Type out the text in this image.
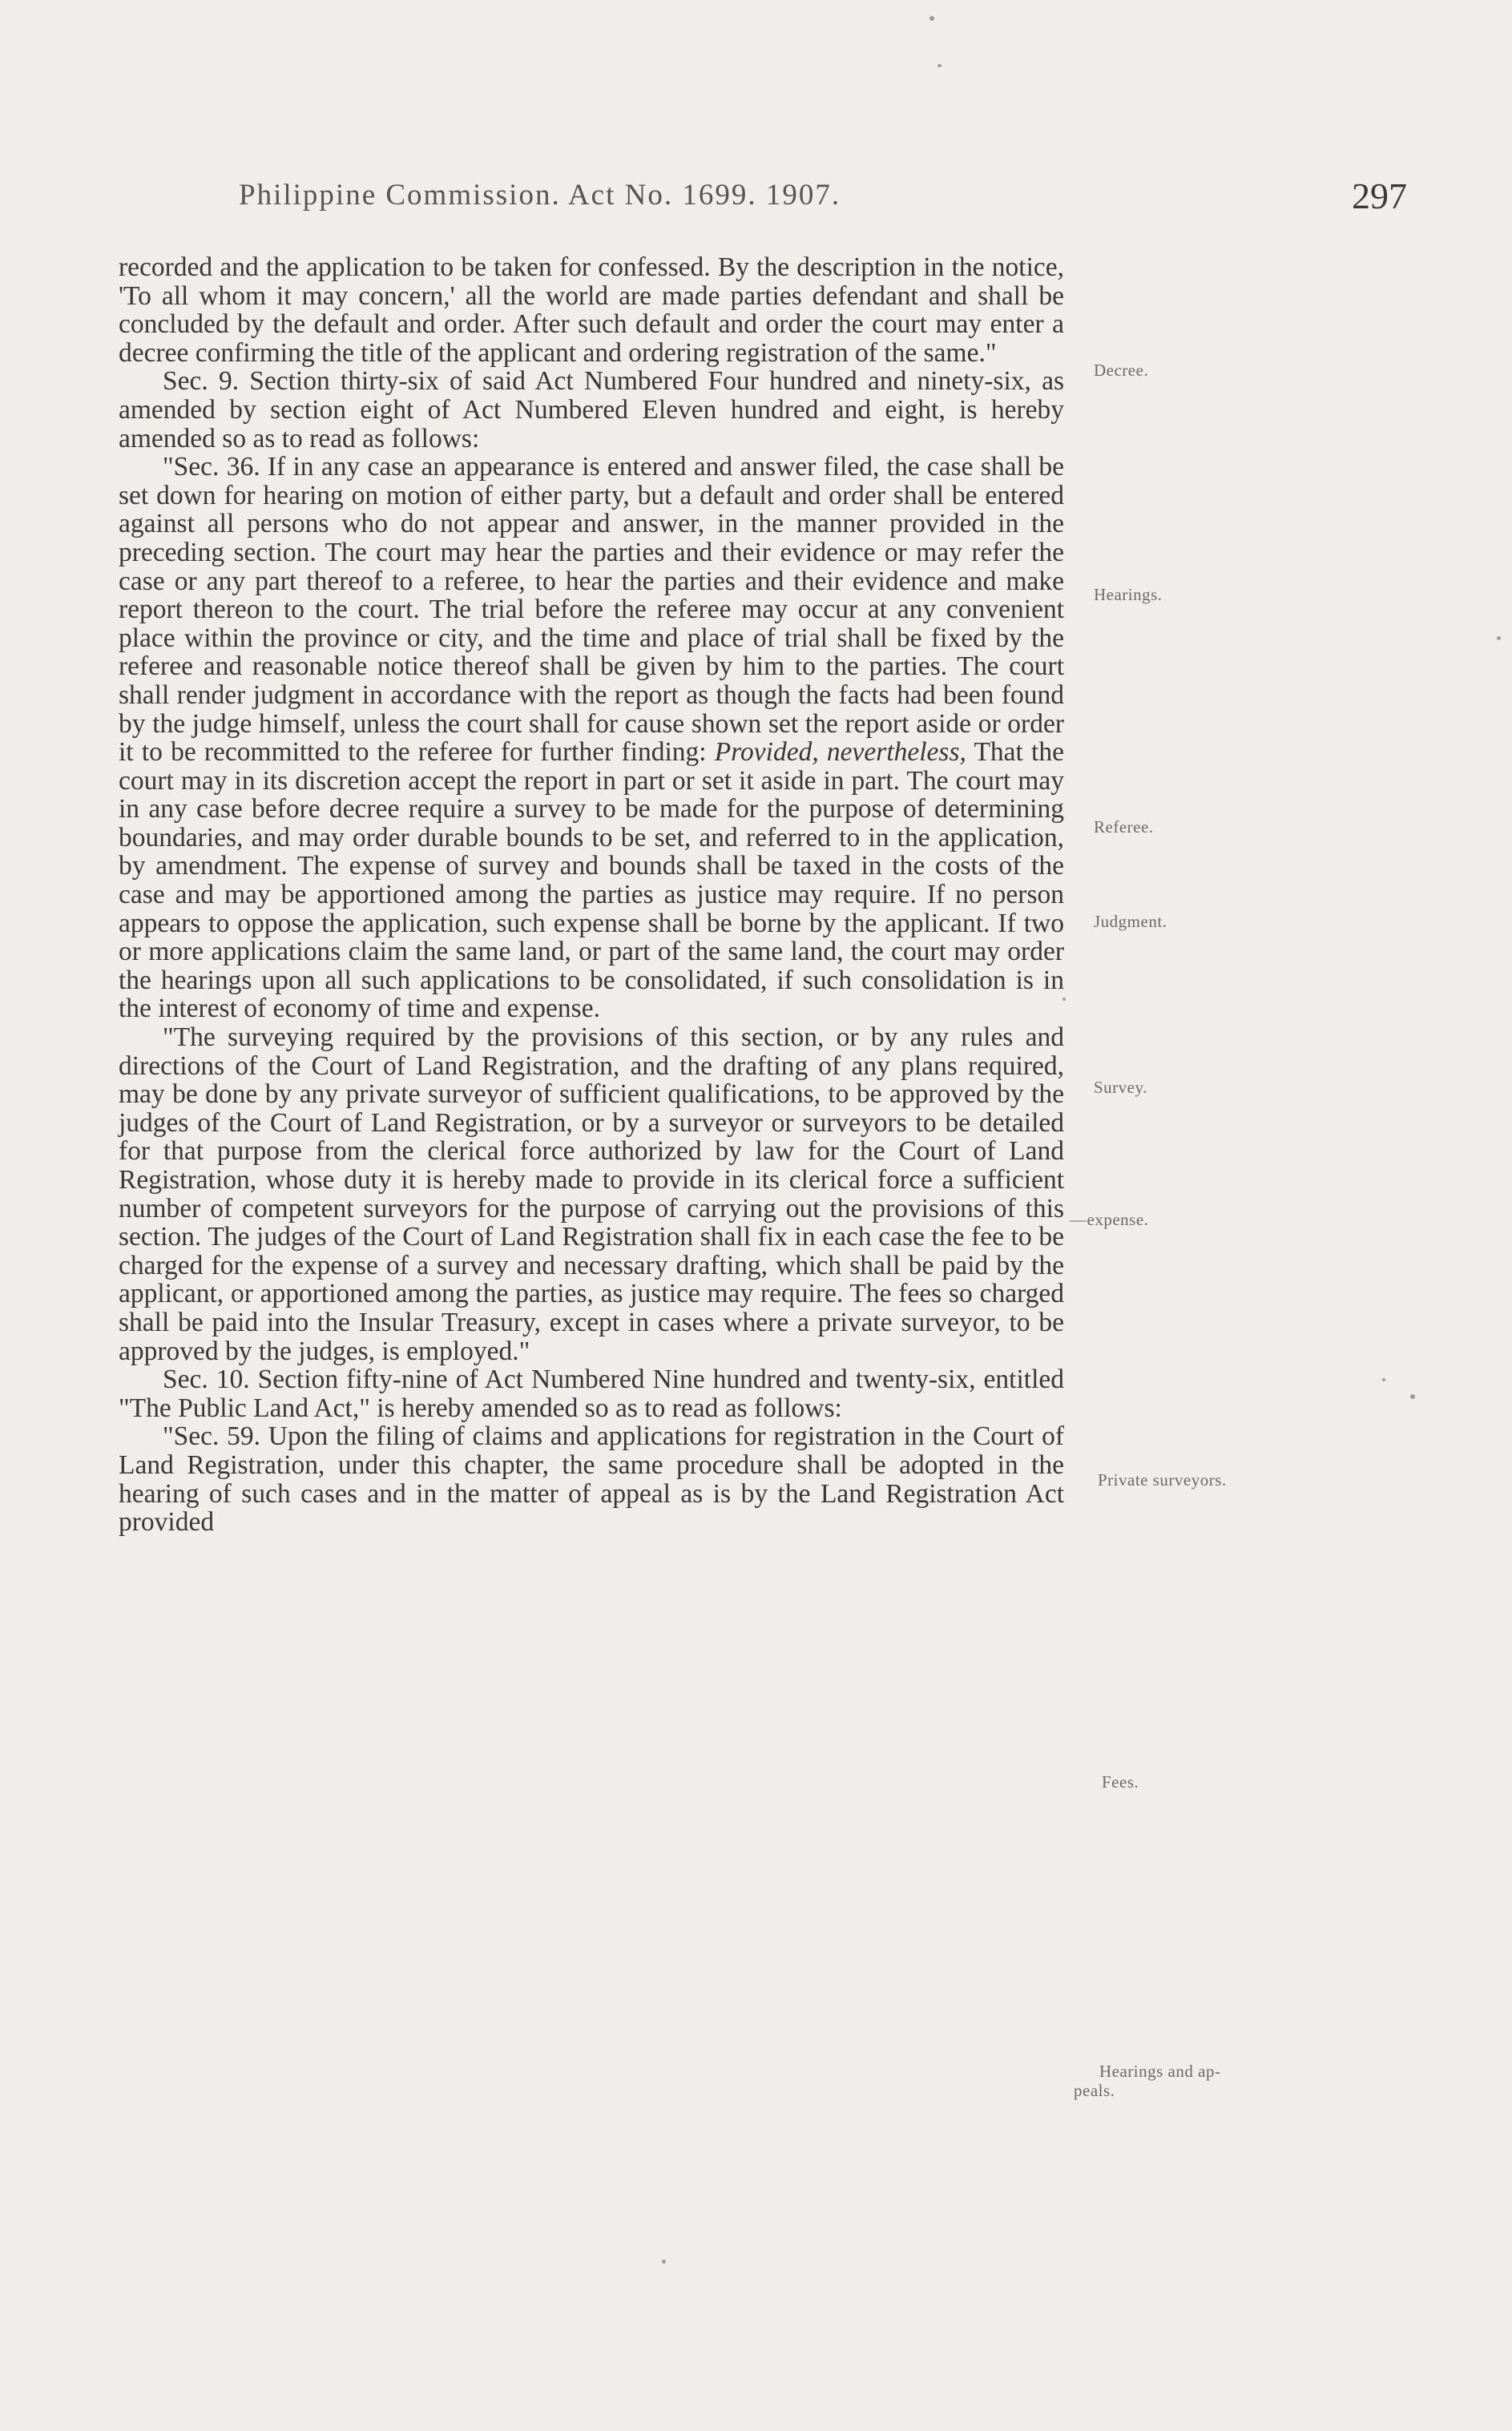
Philippine Commission. Act No. 1699. 1907.	297

recorded and the application to be taken for confessed. By the description in the notice, 'To all whom it may concern,' all the world are made parties defendant and shall be concluded by the default and order. After such default and order the court may enter a decree confirming the title of the applicant and ordering registration of the same."

Sec. 9. Section thirty-six of said Act Numbered Four hundred and ninety-six, as amended by section eight of Act Numbered Eleven hundred and eight, is hereby amended so as to read as follows:

"Sec. 36. If in any case an appearance is entered and answer filed, the case shall be set down for hearing on motion of either party, but a default and order shall be entered against all persons who do not appear and answer, in the manner provided in the preceding section. The court may hear the parties and their evidence or may refer the case or any part thereof to a referee, to hear the parties and their evidence and make report thereon to the court. The trial before the referee may occur at any convenient place within the province or city, and the time and place of trial shall be fixed by the referee and reasonable notice thereof shall be given by him to the parties. The court shall render judgment in accordance with the report as though the facts had been found by the judge himself, unless the court shall for cause shown set the report aside or order it to be recommitted to the referee for further finding: Provided, nevertheless, That the court may in its discretion accept the report in part or set it aside in part. The court may in any case before decree require a survey to be made for the purpose of determining boundaries, and may order durable bounds to be set, and referred to in the application, by amendment. The expense of survey and bounds shall be taxed in the costs of the case and may be apportioned among the parties as justice may require. If no person appears to oppose the application, such expense shall be borne by the applicant. If two or more applications claim the same land, or part of the same land, the court may order the hearings upon all such applications to be consolidated, if such consolidation is in the interest of economy of time and expense.

"The surveying required by the provisions of this section, or by any rules and directions of the Court of Land Registration, and the drafting of any plans required, may be done by any private surveyor of sufficient qualifications, to be approved by the judges of the Court of Land Registration, or by a surveyor or surveyors to be detailed for that purpose from the clerical force authorized by law for the Court of Land Registration, whose duty it is hereby made to provide in its clerical force a sufficient number of competent surveyors for the purpose of carrying out the provisions of this section. The judges of the Court of Land Registration shall fix in each case the fee to be charged for the expense of a survey and necessary drafting, which shall be paid by the applicant, or apportioned among the parties, as justice may require. The fees so charged shall be paid into the Insular Treasury, except in cases where a private surveyor, to be approved by the judges, is employed."

Sec. 10. Section fifty-nine of Act Numbered Nine hundred and twenty-six, entitled "The Public Land Act," is hereby amended so as to read as follows:

"Sec. 59. Upon the filing of claims and applications for registration in the Court of Land Registration, under this chapter, the same procedure shall be adopted in the hearing of such cases and in the matter of appeal as is by the Land Registration Act provided

Decree.
Hearings.
Referee.
Judgment.
Survey.
—expense.
Private surveyors.
Fees.
Hearings and ap-
peals.
